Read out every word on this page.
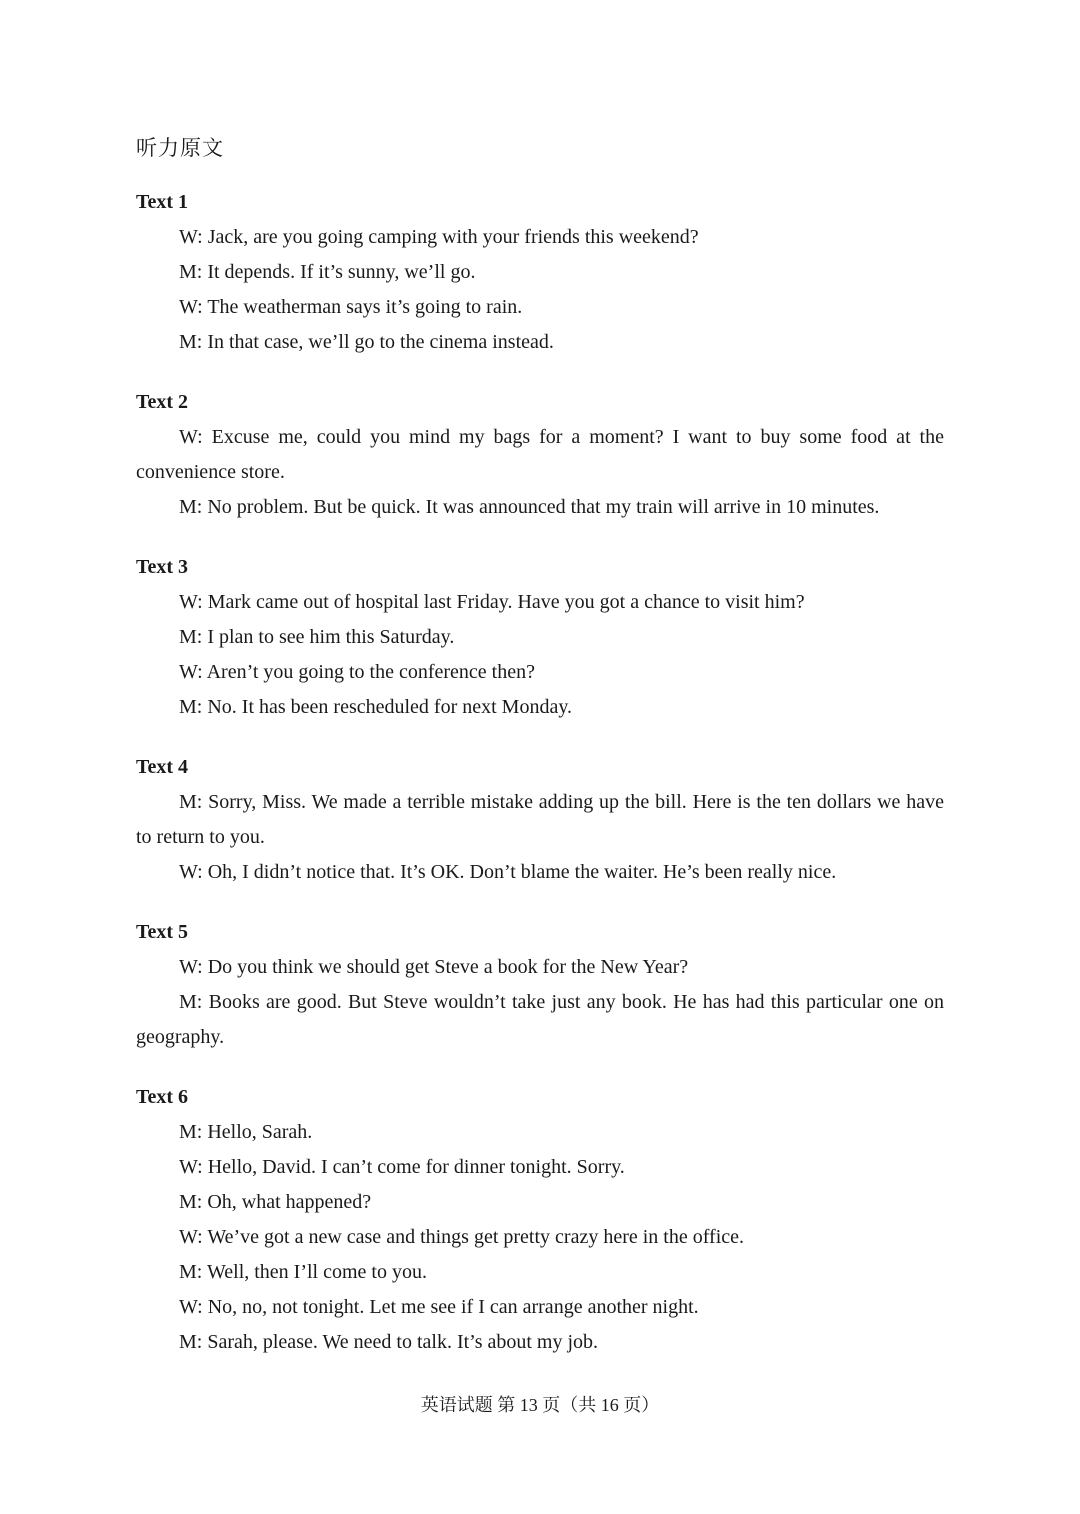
听力原文

Text 1

W: Jack, are you going camping with your friends this weekend?

M: It depends. If it’s sunny, we’ll go.

W: The weatherman says it’s going to rain.

M: In that case, we’ll go to the cinema instead.

Text 2

W: Excuse me, could you mind my bags for a moment? I want to buy some food at the convenience store.

M: No problem. But be quick. It was announced that my train will arrive in 10 minutes.

Text 3

W: Mark came out of hospital last Friday. Have you got a chance to visit him?

M: I plan to see him this Saturday.

W: Aren’t you going to the conference then?

M: No. It has been rescheduled for next Monday.

Text 4

M: Sorry, Miss. We made a terrible mistake adding up the bill. Here is the ten dollars we have to return to you.

W: Oh, I didn’t notice that. It’s OK. Don’t blame the waiter. He’s been really nice.

Text 5

W: Do you think we should get Steve a book for the New Year?

M: Books are good. But Steve wouldn’t take just any book. He has had this particular one on geography.

Text 6

M: Hello, Sarah.

W: Hello, David. I can’t come for dinner tonight. Sorry.

M: Oh, what happened?

W: We’ve got a new case and things get pretty crazy here in the office.

M: Well, then I’ll come to you.

W: No, no, not tonight. Let me see if I can arrange another night.

M: Sarah, please. We need to talk. It’s about my job.

英语试题 第 13 页（共 16 页）
